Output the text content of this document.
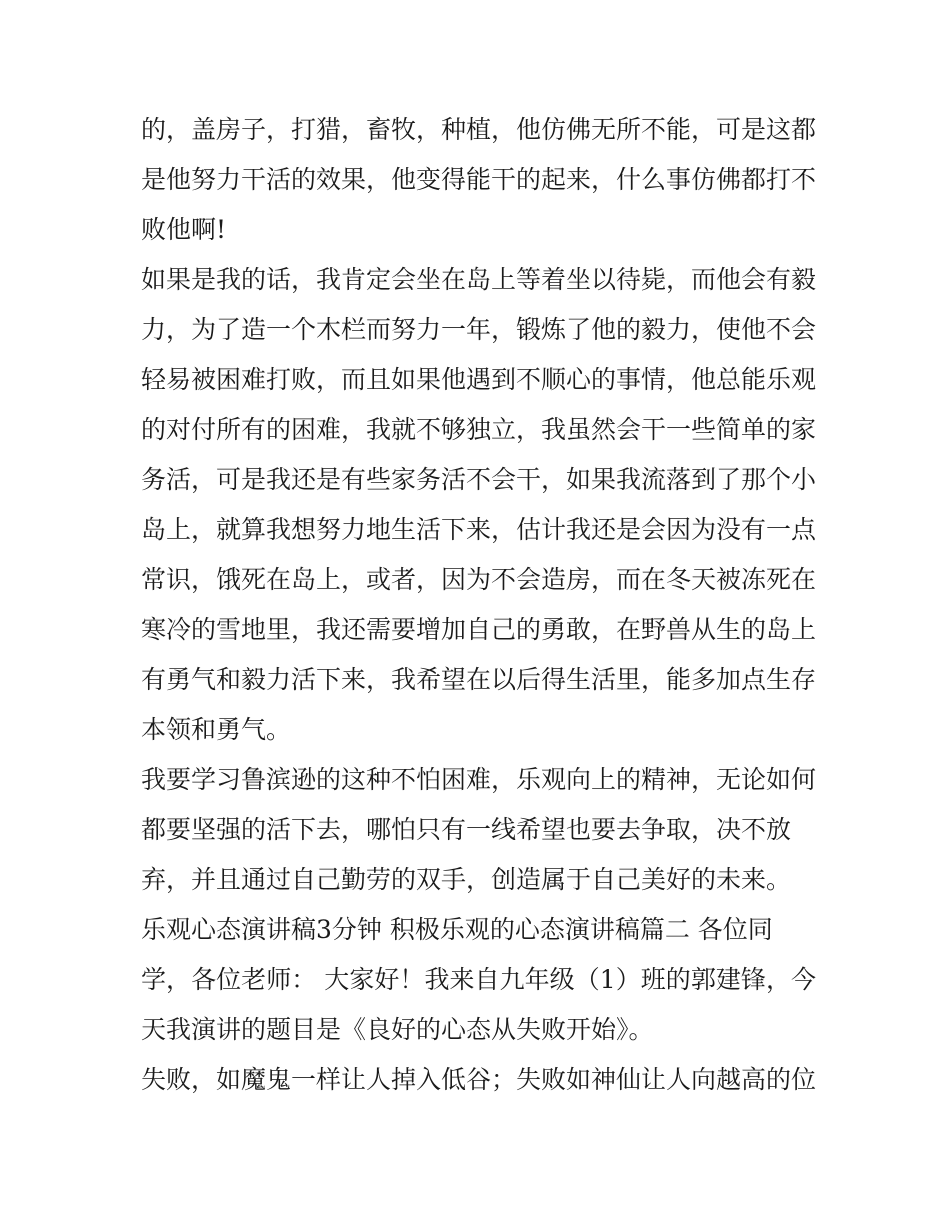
的，盖房子，打猎，畜牧，种植，他仿佛无所不能，可是这都
是他努力干活的效果，他变得能干的起来，什么事仿佛都打不
败他啊!
如果是我的话，我肯定会坐在岛上等着坐以待毙，而他会有毅
力，为了造一个木栏而努力一年，锻炼了他的毅力，使他不会
轻易被困难打败，而且如果他遇到不顺心的事情，他总能乐观
的对付所有的困难，我就不够独立，我虽然会干一些简单的家
务活，可是我还是有些家务活不会干，如果我流落到了那个小
岛上，就算我想努力地生活下来，估计我还是会因为没有一点
常识，饿死在岛上，或者，因为不会造房，而在冬天被冻死在
寒冷的雪地里，我还需要增加自己的勇敢，在野兽从生的岛上
有勇气和毅力活下来，我希望在以后得生活里，能多加点生存
本领和勇气。
我要学习鲁滨逊的这种不怕困难，乐观向上的精神，无论如何
都要坚强的活下去，哪怕只有一线希望也要去争取，决不放
弃，并且通过自己勤劳的双手，创造属于自己美好的未来。
乐观心态演讲稿3分钟 积极乐观的心态演讲稿篇二 各位同
学，各位老师： 大家好！我来自九年级（1）班的郭建锋，今
天我演讲的题目是《良好的心态从失败开始》。
失败，如魔鬼一样让人掉入低谷；失败如神仙让人向越高的位
